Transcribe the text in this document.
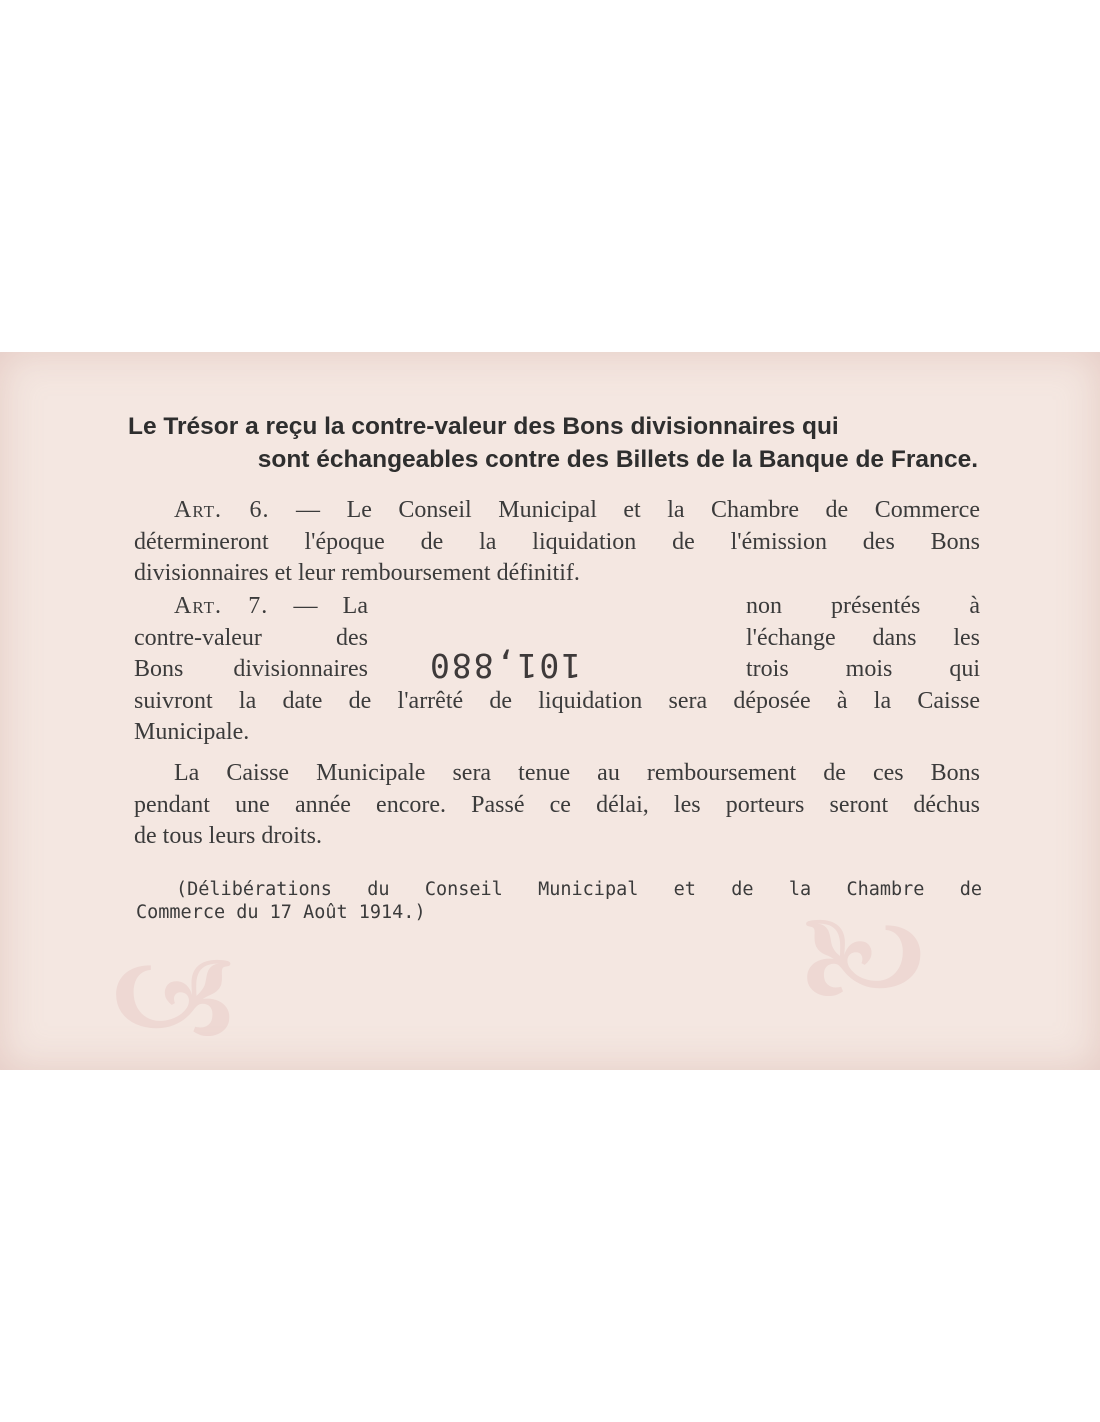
🙦	🙤
Le Trésor a reçu la contre-valeur des Bons divisionnaires qui
sont échangeables contre des Billets de la Banque de France.
Art. 6. — Le Conseil Municipal et la Chambre de Commerce
détermineront l'époque de la liquidation de l'émission des Bons
divisionnaires et leur remboursement définitif.
Art. 7. — La
contre-valeur des
Bons divisionnaires
non présentés à
l'échange dans les
trois mois qui
suivront la date de l'arrêté de liquidation sera déposée à la Caisse
Municipale.
101,880
La Caisse Municipale sera tenue au remboursement de ces Bons
pendant une année encore. Passé ce délai, les porteurs seront déchus
de tous leurs droits.
(Délibérations du Conseil Municipal et de la Chambre de
Commerce du 17 Août 1914.)
